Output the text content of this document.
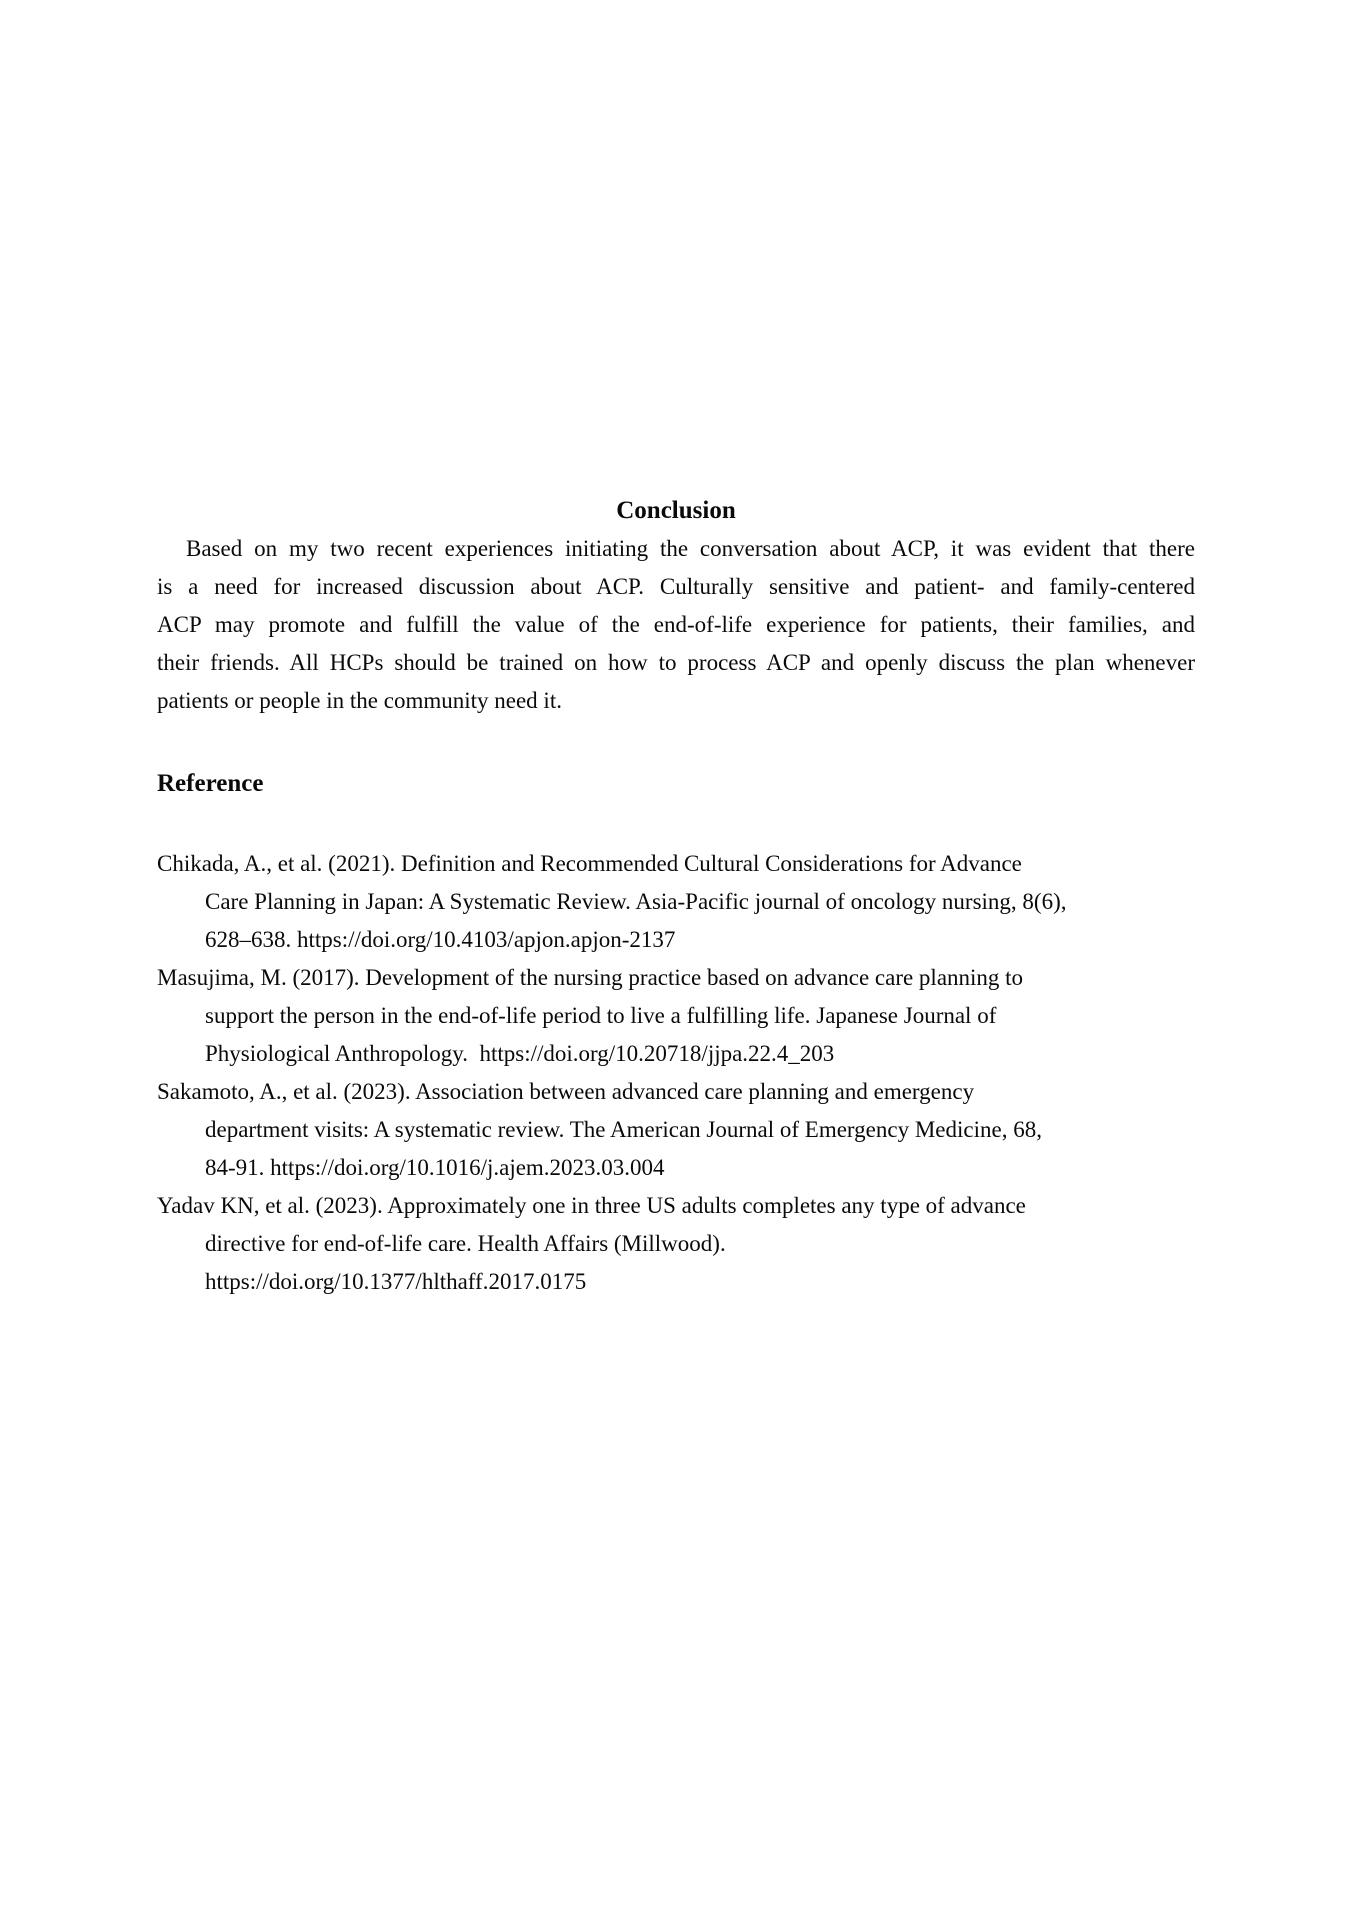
Conclusion
Based on my two recent experiences initiating the conversation about ACP, it was evident that there
is a need for increased discussion about ACP. Culturally sensitive and patient- and family-centered
ACP may promote and fulfill the value of the end-of-life experience for patients, their families, and
their friends. All HCPs should be trained on how to process ACP and openly discuss the plan whenever
patients or people in the community need it.
Reference
Chikada, A., et al. (2021). Definition and Recommended Cultural Considerations for Advance
Care Planning in Japan: A Systematic Review. Asia-Pacific journal of oncology nursing, 8(6),
628–638. https://doi.org/10.4103/apjon.apjon-2137
Masujima, M. (2017). Development of the nursing practice based on advance care planning to
support the person in the end-of-life period to live a fulfilling life. Japanese Journal of
Physiological Anthropology.  https://doi.org/10.20718/jjpa.22.4_203
Sakamoto, A., et al. (2023). Association between advanced care planning and emergency
department visits: A systematic review. The American Journal of Emergency Medicine, 68,
84-91. https://doi.org/10.1016/j.ajem.2023.03.004
Yadav KN, et al. (2023). Approximately one in three US adults completes any type of advance
directive for end-of-life care. Health Affairs (Millwood).
https://doi.org/10.1377/hlthaff.2017.0175
